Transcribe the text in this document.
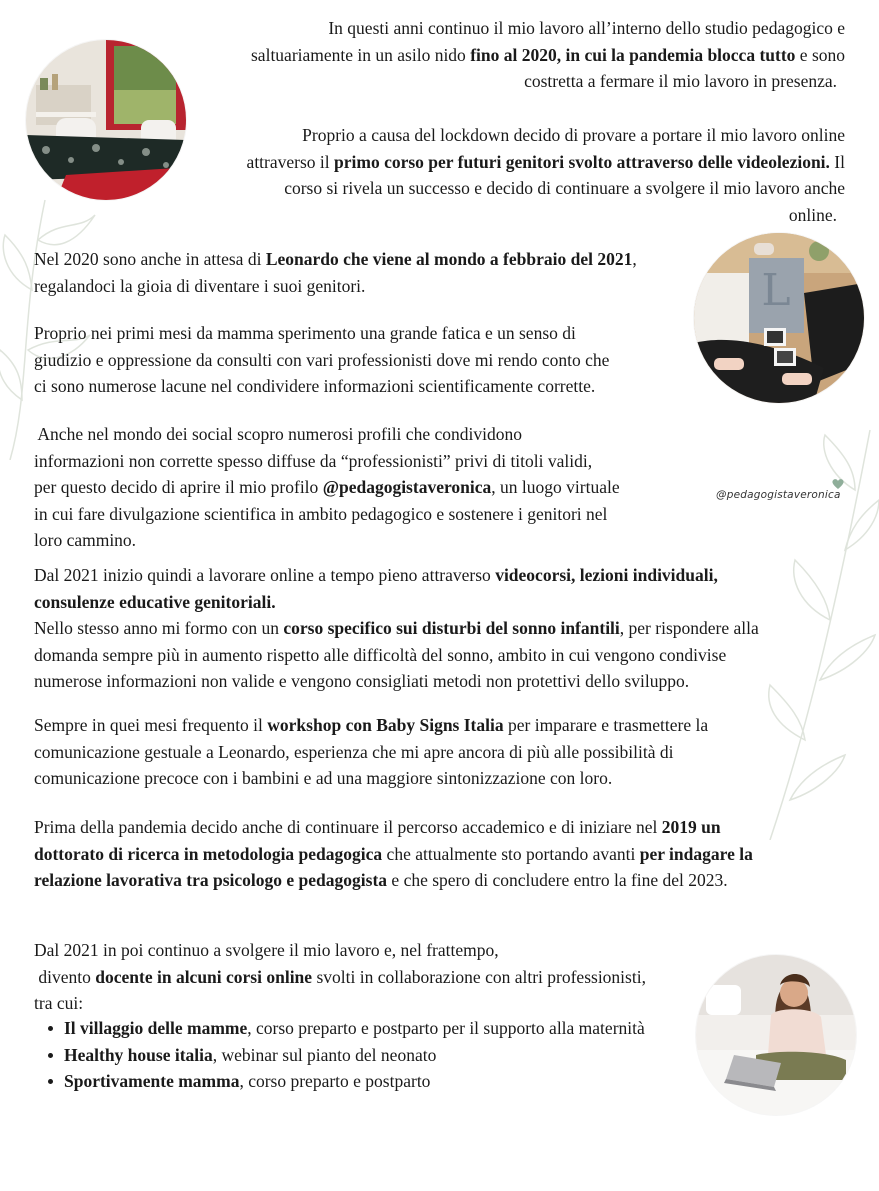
L
@pedagogistaveronica
In questi anni continuo il mio lavoro all’interno dello studio pedagogico e
saltuariamente in un asilo nido fino al 2020, in cui la pandemia blocca tutto e sono
costretta a fermare il mio lavoro in presenza.
Proprio a causa del lockdown decido di provare a portare il mio lavoro online
attraverso il primo corso per futuri genitori svolto attraverso delle videolezioni. Il
corso si rivela un successo e decido di continuare a svolgere il mio lavoro anche
online.
Nel 2020 sono anche in attesa di Leonardo che viene al mondo a febbraio del 2021,
regalandoci la gioia di diventare i suoi genitori.
Proprio nei primi mesi da mamma sperimento una grande fatica e un senso di
giudizio e oppressione da consulti con vari professionisti dove mi rendo conto che
ci sono numerose lacune nel condividere informazioni scientificamente corrette.
Anche nel mondo dei social scopro numerosi profili che condividono
informazioni non corrette spesso diffuse da “professionisti” privi di titoli validi,
per questo decido di aprire il mio profilo @pedagogistaveronica, un luogo virtuale
in cui fare divulgazione scientifica in ambito pedagogico e sostenere i genitori nel
loro cammino.
Dal 2021 inizio quindi a lavorare online a tempo pieno attraverso videocorsi, lezioni individuali,
consulenze educative genitoriali.
Nello stesso anno mi formo con un corso specifico sui disturbi del sonno infantili, per rispondere alla
domanda sempre più in aumento rispetto alle difficoltà del sonno, ambito in cui vengono condivise
numerose informazioni non valide e vengono consigliati metodi non protettivi dello sviluppo.
Sempre in quei mesi frequento il workshop con Baby Signs Italia per imparare e trasmettere la
comunicazione gestuale a Leonardo, esperienza che mi apre ancora di più alle possibilità di
comunicazione precoce con i bambini e ad una maggiore sintonizzazione con loro.
Prima della pandemia decido anche di continuare il percorso accademico e di iniziare nel 2019 un
dottorato di ricerca in metodologia pedagogica che attualmente sto portando avanti per indagare la
relazione lavorativa tra psicologo e pedagogista e che spero di concludere entro la fine del 2023.
Dal 2021 in poi continuo a svolgere il mio lavoro e, nel frattempo,
divento docente in alcuni corsi online svolti in collaborazione con altri professionisti,
tra cui:
Il villaggio delle mamme, corso preparto e postparto per il supporto alla maternità
Healthy house italia, webinar sul pianto del neonato
Sportivamente mamma, corso preparto e postparto
